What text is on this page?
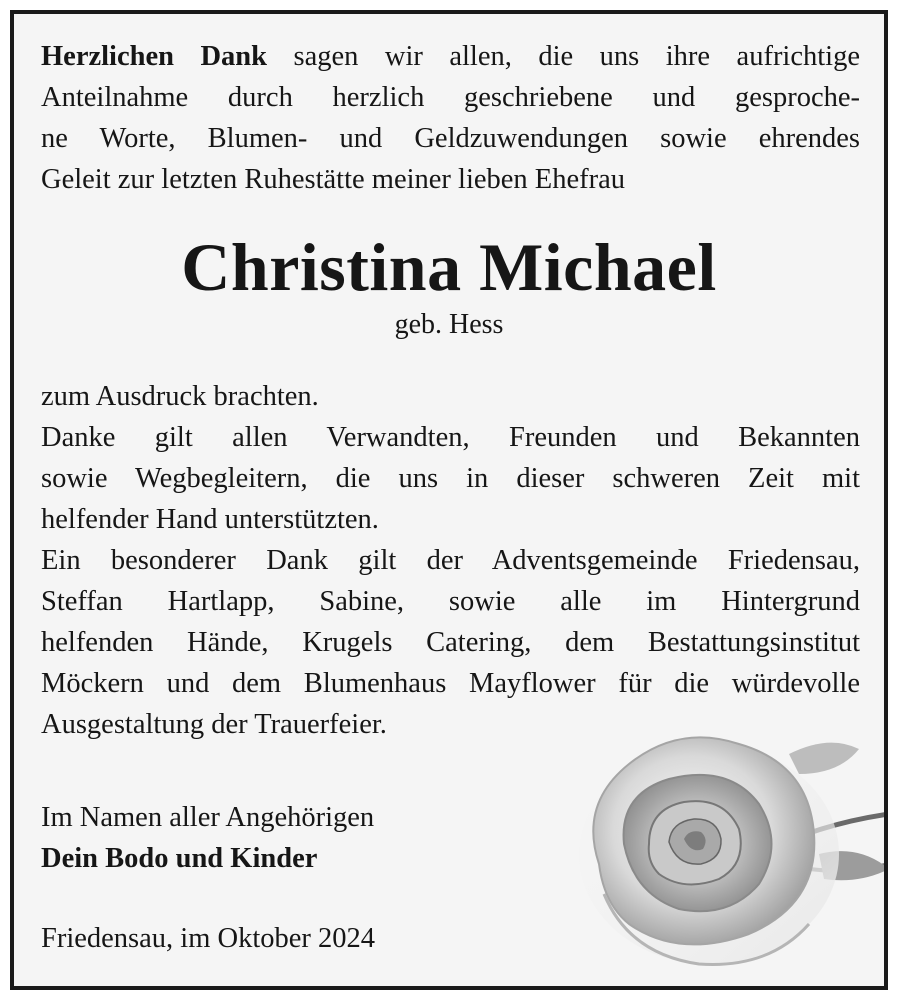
Herzlichen Dank sagen wir allen, die uns ihre aufrichtige
Anteilnahme durch herzlich geschriebene und gesproche-
ne Worte, Blumen- und Geldzuwendungen sowie ehrendes
Geleit zur letzten Ruhestätte meiner lieben Ehefrau
Christina Michael
geb. Hess
zum Ausdruck brachten.
Danke gilt allen Verwandten, Freunden und Bekannten
sowie Wegbegleitern, die uns in dieser schweren Zeit mit
helfender Hand unterstützten.
Ein besonderer Dank gilt der Adventsgemeinde Friedensau,
Steffan Hartlapp, Sabine, sowie alle im Hintergrund
helfenden Hände, Krugels Catering, dem Bestattungsinstitut
Möckern und dem Blumenhaus Mayflower für die würdevolle
Ausgestaltung der Trauerfeier.
Im Namen aller Angehörigen
Dein Bodo und Kinder
Friedensau, im Oktober 2024
